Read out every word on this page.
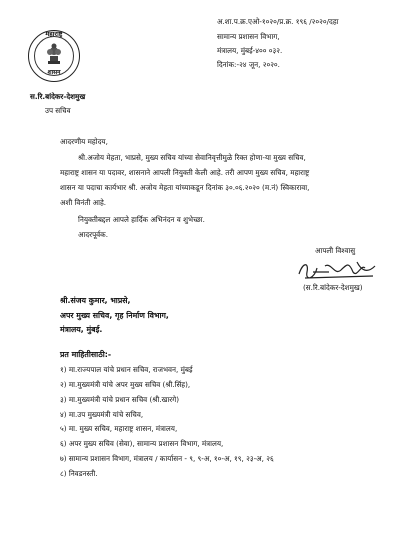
महाराष्ट्र
शासन
अ.शा.प.क्र.एओ-१०२०/प्र.क्र. १९६ /२०२०/दहा
सामान्य प्रशासन विभाग,
मंत्रालय, मुंबई-४०० ०३२.
दिनांक:-२४ जून, २०२०.
स.रि.बांदेकर-देशमुख
उप सचिव
आदरणीय महोदय,
श्री.अजोय मेहता, भाप्रसे, मुख्य सचिव यांच्या सेवानिवृत्तीमुळे रिक्त होणा-या मुख्य सचिव,
महाराष्ट्र शासन या पदावर, शासनाने आपली नियुक्ती केली आहे. तरी आपण मुख्य सचिव, महाराष्ट्र
शासन या पदाचा कार्यभार श्री. अजोय मेहता यांच्याकडून दिनांक ३०.०६.२०२० (म.नं) स्विकारावा,
अशी विनंती आहे.
नियुक्तीबद्दल आपले हार्दिक अभिनंदन व शुभेच्छा.
आदरपूर्वक.
आपली विश्वासु
(स.रि.बांदेकर-देशमुख)
श्री.संजय कुमार, भाप्रसे,
अपर मुख्य सचिव, गृह निर्माण विभाग,
मंत्रालय, मुंबई.
प्रत माहितीसाठी:-
१) मा.राज्यपाल यांचे प्रधान सचिव, राजभवन, मुंबई
२) मा.मुख्यमंत्री यांचे अपर मुख्य सचिव (श्री.सिंह),
३) मा.मुख्यमंत्री यांचे प्रधान सचिव (श्री.खारगे)
४) मा.उप मुख्यमंत्री यांचे सचिव,
५) मा. मुख्य सचिव, महाराष्ट्र शासन, मंत्रालय,
६) अपर मुख्य सचिव (सेवा), सामान्य प्रशासन विभाग, मंत्रालय,
७) सामान्य प्रशासन विभाग, मंत्रालय / कार्यासन - ९, ९-अ, १०-अ, १९, २३-अ, २६
८) निवडनस्ती.
